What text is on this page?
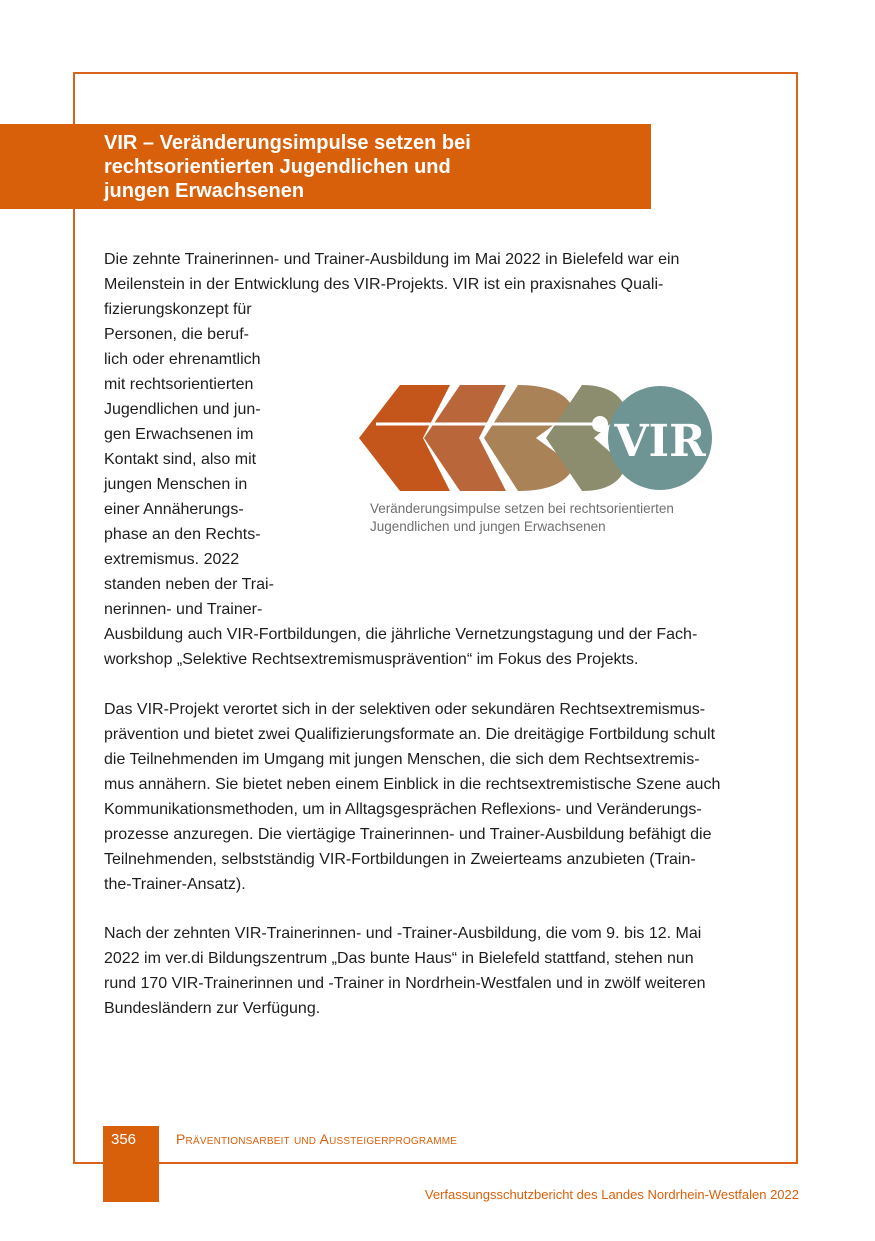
VIR – Veränderungsimpulse setzen bei
rechtsorientierten Jugendlichen und
jungen Erwachsenen
Die zehnte Trainerinnen- und Trainer-Ausbildung im Mai 2022 in Bielefeld war ein
Meilenstein in der Entwicklung des VIR-Projekts. VIR ist ein praxisnahes Quali-
fizierungskonzept für
Personen, die beruf-
lich oder ehrenamtlich
mit rechtsorientierten
Jugendlichen und jun-
gen Erwachsenen im
Kontakt sind, also mit
jungen Menschen in
einer Annäherungs-
phase an den Rechts-
extremismus. 2022
standen neben der Trai-
nerinnen- und Trainer-
Ausbildung auch VIR-Fortbildungen, die jährliche Vernetzungstagung und der Fach-
workshop „Selektive Rechtsextremismusprävention“ im Fokus des Projekts.
VIR
Veränderungsimpulse setzen bei rechtsorientierten
Jugendlichen und jungen Erwachsenen
Das VIR-Projekt verortet sich in der selektiven oder sekundären Rechtsextremismus-
prävention und bietet zwei Qualifizierungsformate an. Die dreitägige Fortbildung schult
die Teilnehmenden im Umgang mit jungen Menschen, die sich dem Rechtsextremis-
mus annähern. Sie bietet neben einem Einblick in die rechtsextremistische Szene auch
Kommunikationsmethoden, um in Alltagsgesprächen Reflexions- und Veränderungs-
prozesse anzuregen. Die viertägige Trainerinnen- und Trainer-Ausbildung befähigt die
Teilnehmenden, selbstständig VIR-Fortbildungen in Zweierteams anzubieten (Train-
the-Trainer-Ansatz).
Nach der zehnten VIR-Trainerinnen- und -Trainer-Ausbildung, die vom 9. bis 12. Mai
2022 im ver.di Bildungszentrum „Das bunte Haus“ in Bielefeld stattfand, stehen nun
rund 170 VIR-Trainerinnen und -Trainer in Nordrhein-Westfalen und in zwölf weiteren
Bundesländern zur Verfügung.
356	Präventionsarbeit und Aussteigerprogramme
Verfassungsschutzbericht des Landes Nordrhein-Westfalen 2022
